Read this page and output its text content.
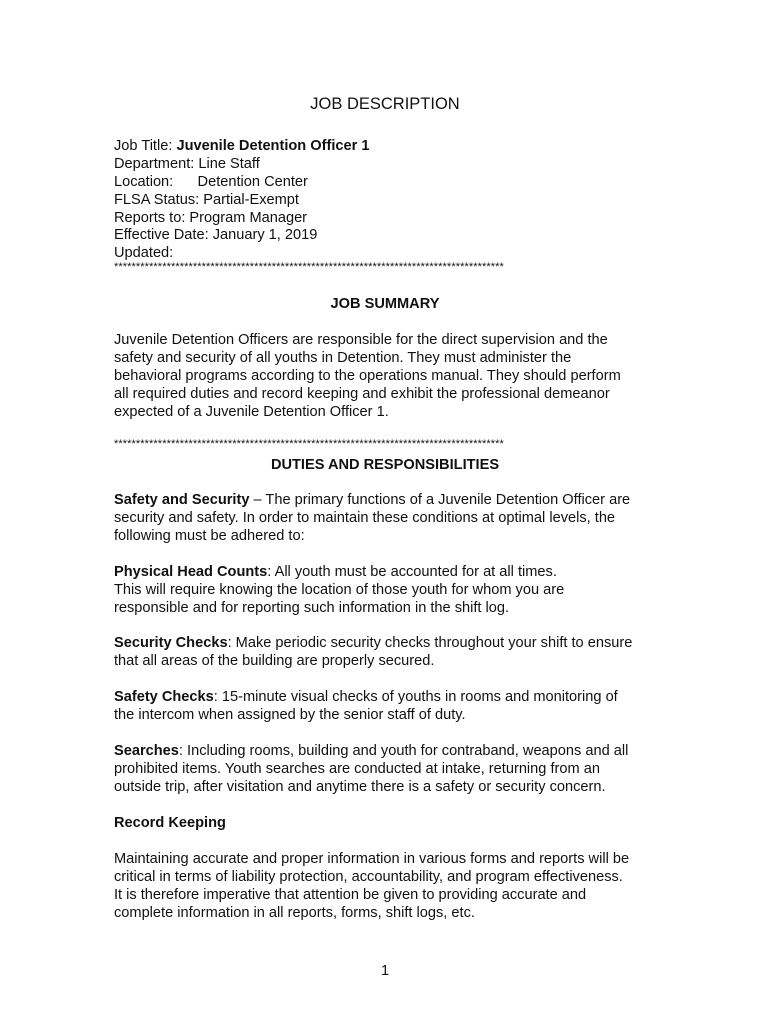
JOB DESCRIPTION
Job Title: Juvenile Detention Officer 1
Department: Line Staff
Location:      Detention Center
FLSA Status: Partial-Exempt
Reports to: Program Manager
Effective Date: January 1, 2019
Updated:
*****************************************************************************************
JOB SUMMARY
Juvenile Detention Officers are responsible for the direct supervision and the
safety and security of all youths in Detention. They must administer the
behavioral programs according to the operations manual. They should perform
all required duties and record keeping and exhibit the professional demeanor
expected of a Juvenile Detention Officer 1.
*****************************************************************************************
DUTIES AND RESPONSIBILITIES
Safety and Security – The primary functions of a Juvenile Detention Officer are
security and safety. In order to maintain these conditions at optimal levels, the
following must be adhered to:
Physical Head Counts: All youth must be accounted for at all times.
This will require knowing the location of those youth for whom you are
responsible and for reporting such information in the shift log.
Security Checks: Make periodic security checks throughout your shift to ensure
that all areas of the building are properly secured.
Safety Checks: 15-minute visual checks of youths in rooms and monitoring of
the intercom when assigned by the senior staff of duty.
Searches: Including rooms, building and youth for contraband, weapons and all
prohibited items. Youth searches are conducted at intake, returning from an
outside trip, after visitation and anytime there is a safety or security concern.
Record Keeping
Maintaining accurate and proper information in various forms and reports will be
critical in terms of liability protection, accountability, and program effectiveness.
It is therefore imperative that attention be given to providing accurate and
complete information in all reports, forms, shift logs, etc.
1
